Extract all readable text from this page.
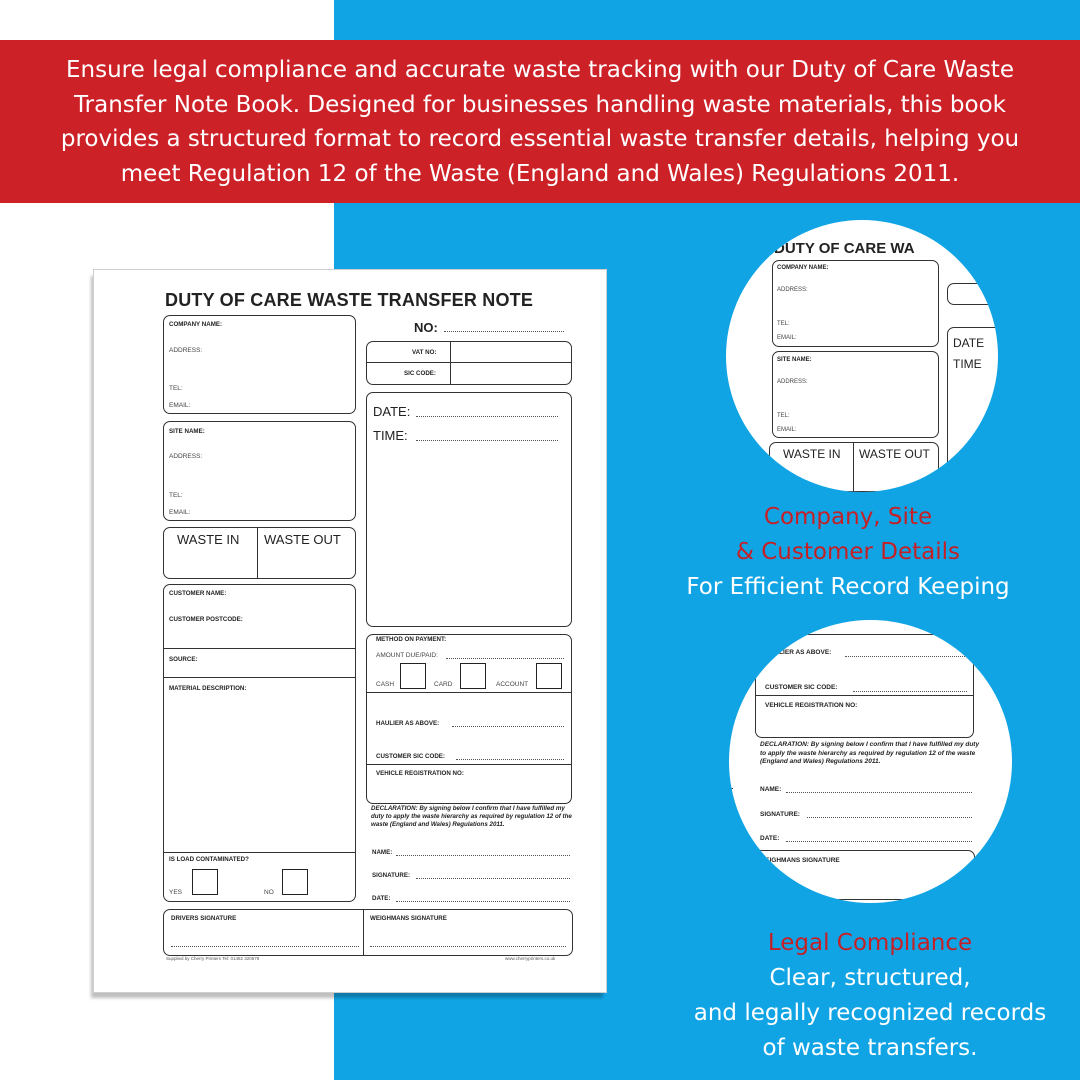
Ensure legal compliance and accurate waste tracking with our Duty of Care Waste
Transfer Note Book. Designed for businesses handling waste materials, this book
provides a structured format to record essential waste transfer details, helping you
meet Regulation 12 of the Waste (England and Wales) Regulations 2011.
DUTY OF CARE WASTE TRANSFER NOTE
COMPANY NAME:
ADDRESS:
TEL:
EMAIL:
SITE NAME:
ADDRESS:
TEL:
EMAIL:
WASTE IN WASTE OUT
CUSTOMER NAME:
CUSTOMER POSTCODE:
SOURCE:
MATERIAL DESCRIPTION:
IS LOAD CONTAMINATED?
YES	NO
NO:
VAT NO:
SIC CODE:
DATE:
TIME:
METHOD ON PAYMENT:
AMOUNT DUE/PAID:
CASH	CARD	ACCOUNT
HAULIER AS ABOVE:
CUSTOMER SIC CODE:
VEHICLE REGISTRATION NO:
DECLARATION: By signing below I confirm that I have fulfilled my duty to apply the waste hierarchy as required by regulation 12 of the waste (England and Wales) Regulations 2011.
NAME:
SIGNATURE:
DATE:
DRIVERS SIGNATURE	WEIGHMANS SIGNATURE
Supplied by Cherry Printers Tel: 01482 320679	www.cherryprinters.co.uk
DUTY OF CARE WA
COMPANY NAME:
ADDRESS:
TEL:
EMAIL:
SITE NAME:
ADDRESS:
TEL:
EMAIL:
WASTE IN WASTE OUT
DATE
TIME
Company, Site
& Customer Details
For Efficient Record Keeping
HAULIER AS ABOVE:
CUSTOMER SIC CODE:
VEHICLE REGISTRATION NO:
DECLARATION: By signing below I confirm that I have fulfilled my duty to apply the waste hierarchy as required by regulation 12 of the waste (England and Wales) Regulations 2011.
NAME:
SIGNATURE:
DATE:
WEIGHMANS SIGNATURE
Legal Compliance
Clear, structured,
and legally recognized records
of waste transfers.
